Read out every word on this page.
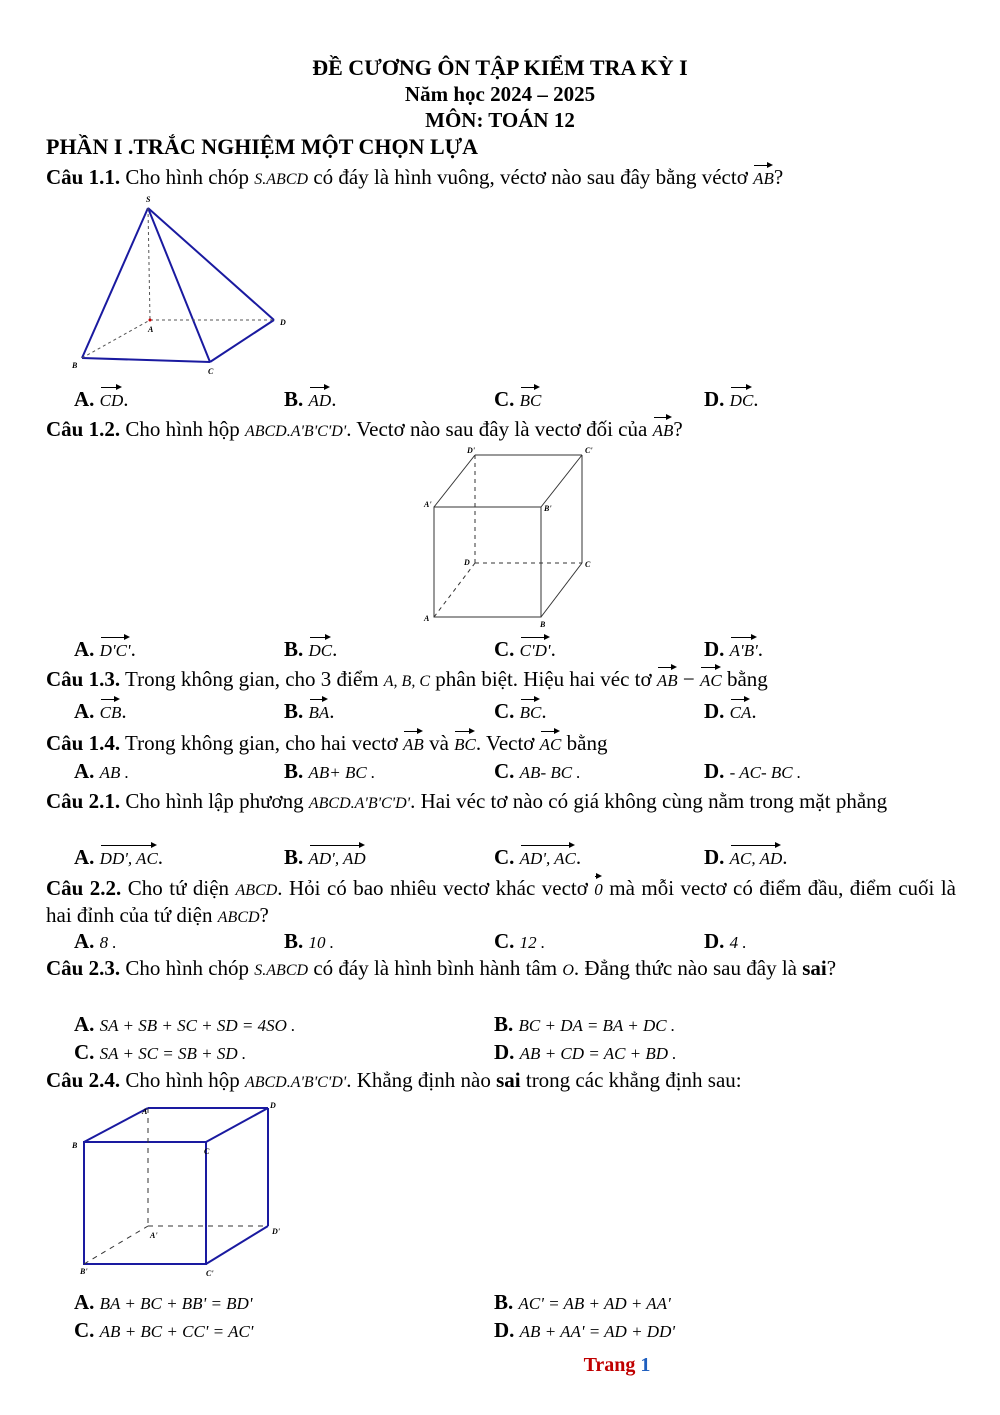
ĐỀ CƯƠNG ÔN TẬP KIỂM TRA KỲ I
Năm học 2024 – 2025
MÔN: TOÁN 12
PHẦN I .TRẮC NGHIỆM MỘT CHỌN LỰA
Câu 1.1. Cho hình chóp S.ABCD có đáy là hình vuông, véctơ nào sau đây bằng véctơ AB?
S
A
D
B
C
A. CD.	B. AD.	C. BC	D. DC.
Câu 1.2. Cho hình hộp ABCD.A'B'C'D'. Vectơ nào sau đây là vectơ đối của AB?
D'	C'
A'	B'
D	C
A
B
A. D'C'.	B. DC.	C. C'D'.	D. A'B'.
Câu 1.3. Trong không gian, cho 3 điểm A, B, C phân biệt. Hiệu hai véc tơ AB − AC bằng
A. CB.	B. BA.	C. BC.	D. CA.
Câu 1.4. Trong không gian, cho hai vectơ AB và BC. Vectơ AC bằng
A. AB .	B. AB+ BC .	C. AB- BC .	D. - AC- BC .
Câu 2.1. Cho hình lập phương ABCD.A'B'C'D'. Hai véc tơ nào có giá không cùng nằm trong mặt phẳng
A. DD', AC.	B. AD', AD	C. AD', AC.	D. AC, AD.
Câu 2.2. Cho tứ diện ABCD. Hỏi có bao nhiêu vectơ khác vectơ 0 mà mỗi vectơ có điểm đầu, điểm cuối là hai đỉnh của tứ diện ABCD?
A. 8 .	B. 10 .	C. 12 .	D. 4 .
Câu 2.3. Cho hình chóp S.ABCD có đáy là hình bình hành tâm O. Đẳng thức nào sau đây là sai?
A. SA + SB + SC + SD = 4SO .	B. BC + DA = BA + DC .
C. SA + SC = SB + SD .	D. AB + CD = AC + BD .
Câu 2.4. Cho hình hộp ABCD.A'B'C'D'. Khẳng định nào sai trong các khẳng định sau:
A
D
B
C
A'	D'
B'	C'
A. BA + BC + BB' = BD'	B. AC' = AB + AD + AA'
C. AB + BC + CC' = AC'	D. AB + AA' = AD + DD'
Trang 1
